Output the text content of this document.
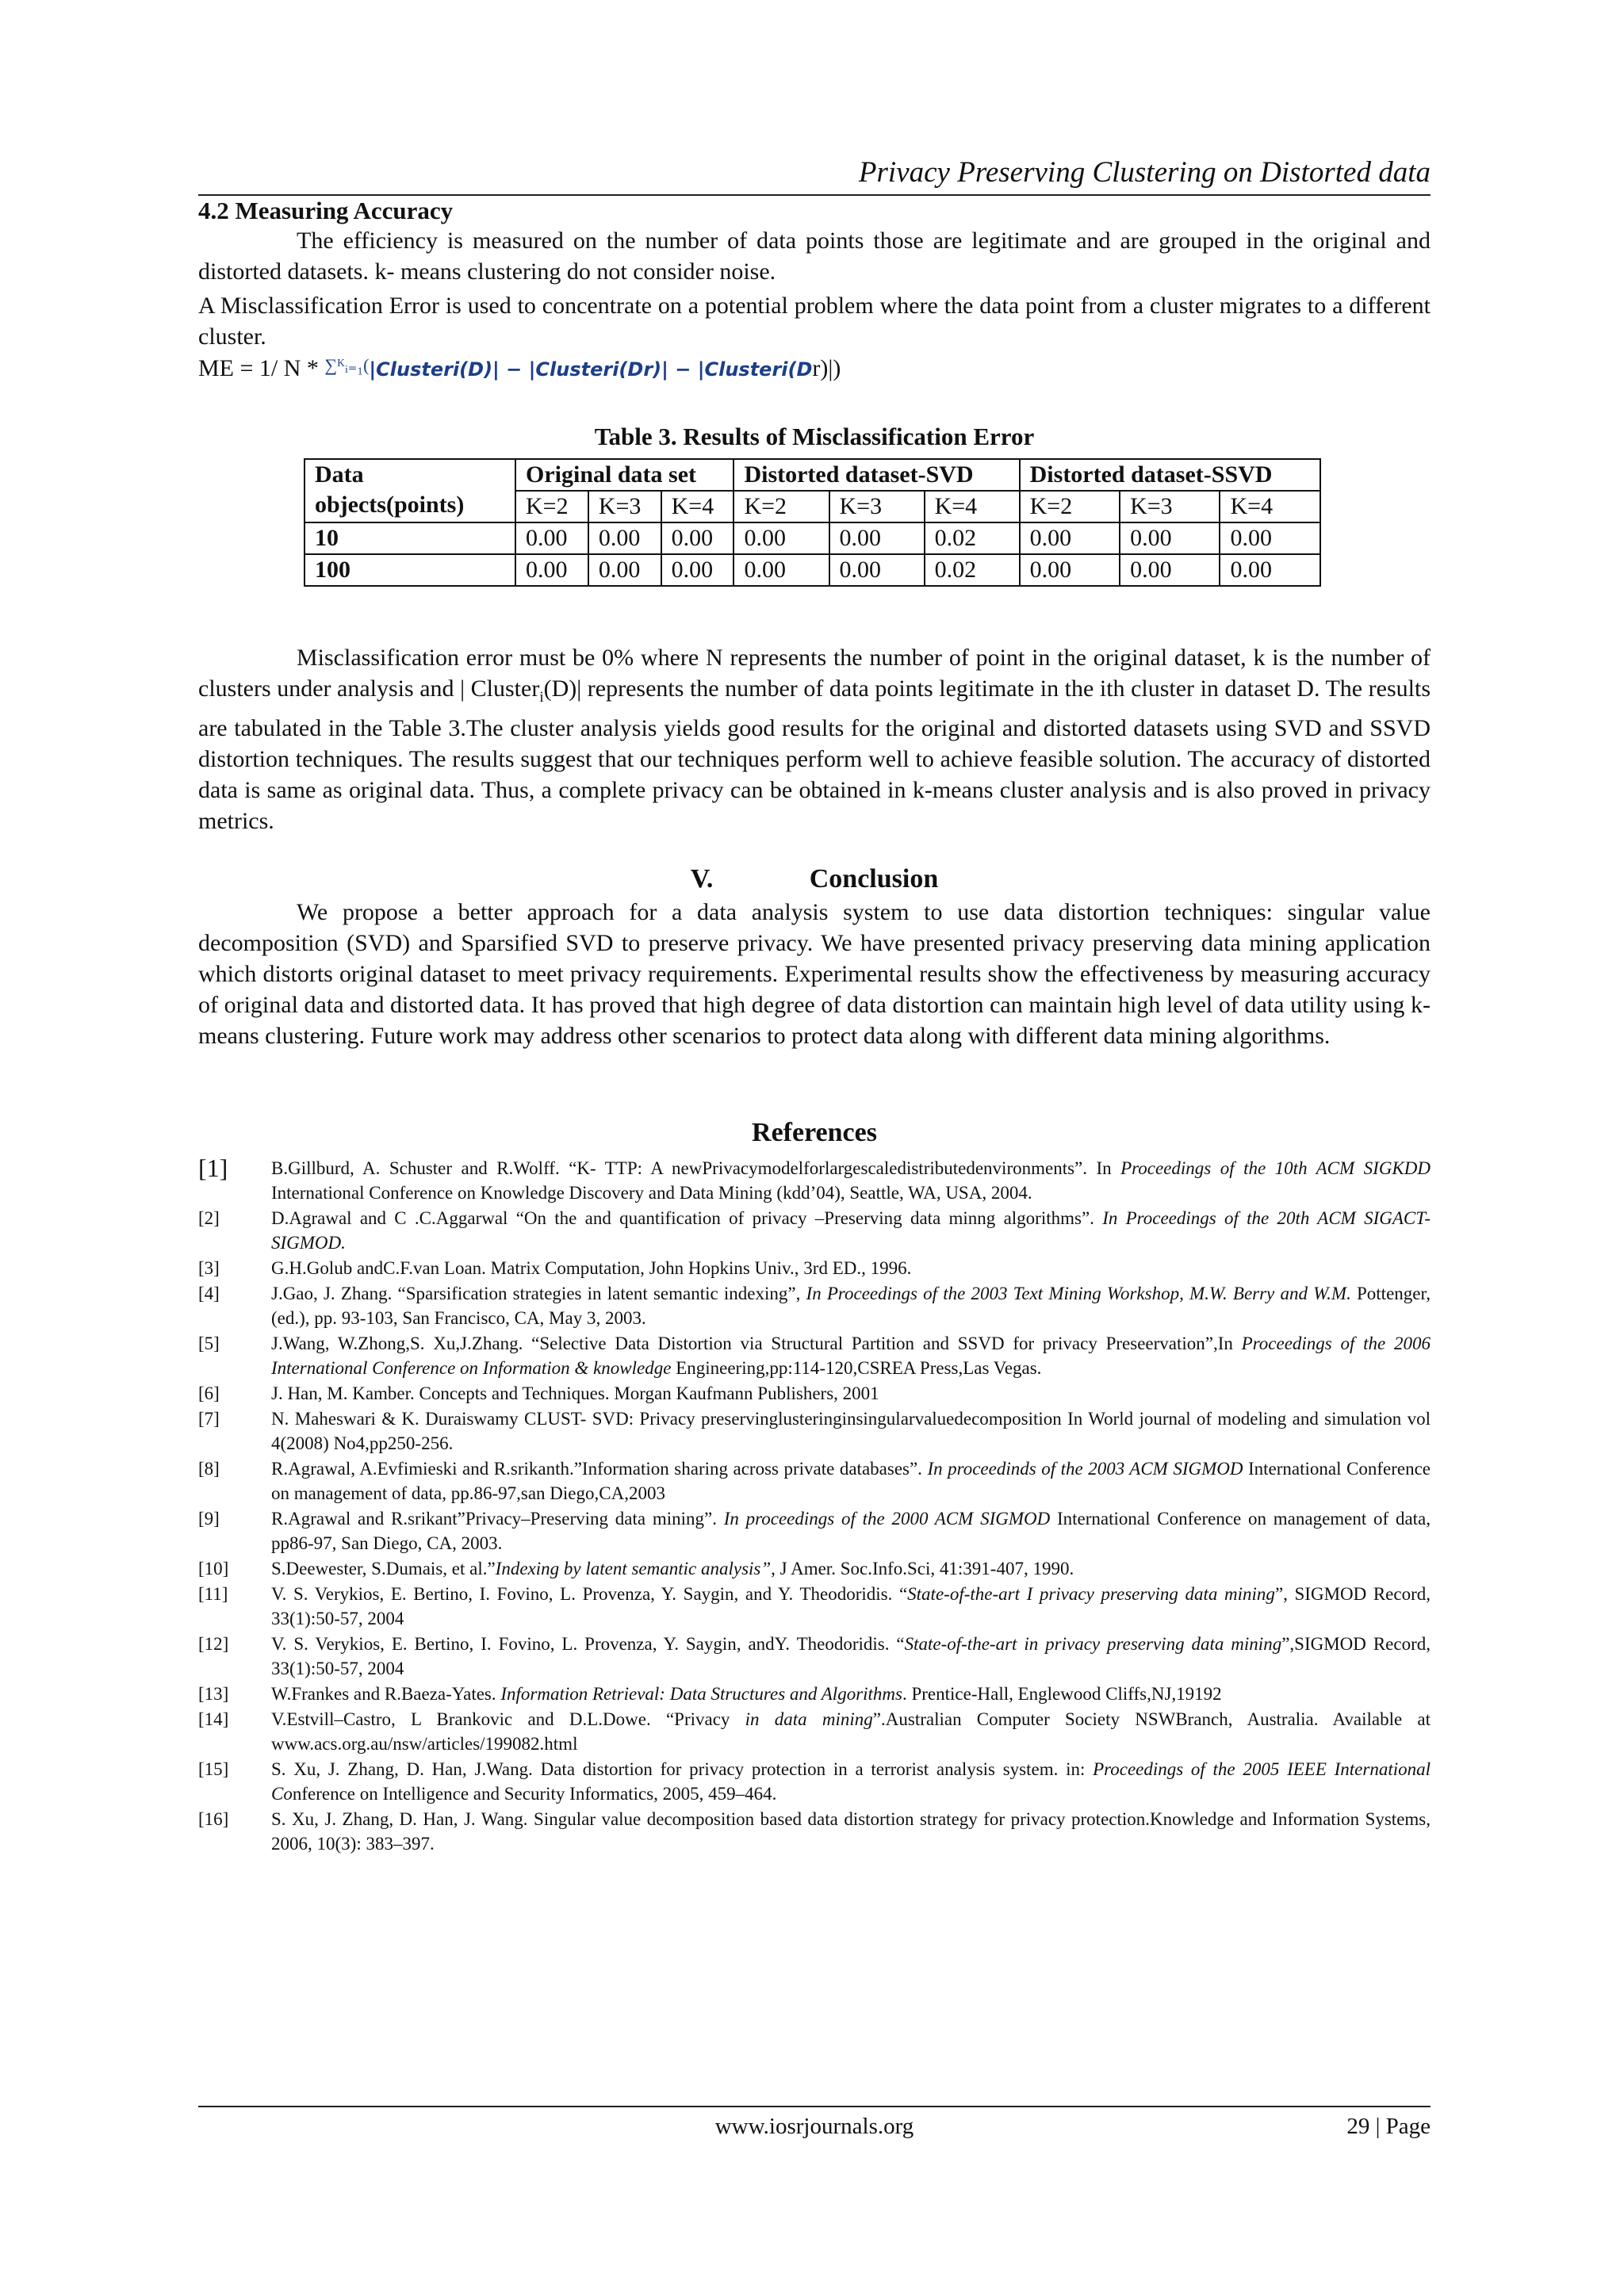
Privacy Preserving Clustering on Distorted data
4.2 Measuring Accuracy
The efficiency is measured on the number of data points those are legitimate and are grouped in the original and distorted datasets. k- means clustering do not consider noise.
A Misclassification Error is used to concentrate on a potential problem where the data point from a cluster migrates to a different cluster.
ME = 1/ N * $^{\sum ᴷᵢ_{=1}(}$|Clusteri(D)| − |Clusteri(Dr)| − |Clusteri(Dr)|)
Table 3. Results of Misclassification Error
Data objects(points)	Original data set			Distorted dataset-SVD			Distorted dataset-SSVD		
	K=2	K=3	K=4	K=2	K=3	K=4	K=2	K=3	K=4
10	0.00	0.00	0.00	0.00	0.00	0.02	0.00	0.00	0.00
100	0.00	0.00	0.00	0.00	0.00	0.02	0.00	0.00	0.00
Misclassification error must be 0% where N represents the number of point in the original dataset, k is the number of clusters under analysis and | Cluster$_i$(D)| represents the number of data points legitimate in the ith cluster in dataset D. The results are tabulated in the Table 3.The cluster analysis yields good results for the original and distorted datasets using SVD and SSVD distortion techniques. The results suggest that our techniques perform well to achieve feasible solution. The accuracy of distorted data is same as original data. Thus, a complete privacy can be obtained in k-means cluster analysis and is also proved in privacy metrics.
V.	Conclusion
We propose a better approach for a data analysis system to use data distortion techniques: singular value decomposition (SVD) and Sparsified SVD to preserve privacy. We have presented privacy preserving data mining application which distorts original dataset to meet privacy requirements. Experimental results show the effectiveness by measuring accuracy of original data and distorted data. It has proved that high degree of data distortion can maintain high level of data utility using k-means clustering. Future work may address other scenarios to protect data along with different data mining algorithms.
References
[1]	B.Gillburd, A. Schuster and R.Wolff. “K- TTP: A newPrivacymodelforlargescaledistributedenvironments”. In Proceedings of the 10th ACM SIGKDD International Conference on Knowledge Discovery and Data Mining (kdd’04), Seattle, WA, USA, 2004.
[2]	D.Agrawal and C .C.Aggarwal “On the and quantification of privacy –Preserving data minng algorithms”. In Proceedings of the 20th ACM SIGACT-SIGMOD.
[3]	G.H.Golub andC.F.van Loan. Matrix Computation, John Hopkins Univ., 3rd ED., 1996.
[4]	J.Gao, J. Zhang. “Sparsification strategies in latent semantic indexing”, In Proceedings of the 2003 Text Mining Workshop, M.W. Berry and W.M. Pottenger, (ed.), pp. 93-103, San Francisco, CA, May 3, 2003.
[5]	J.Wang, W.Zhong,S. Xu,J.Zhang. “Selective Data Distortion via Structural Partition and SSVD for privacy Preseervation”,In Proceedings of the 2006 International Conference on Information & knowledge Engineering,pp:114-120,CSREA Press,Las Vegas.
[6]	J. Han, M. Kamber. Concepts and Techniques. Morgan Kaufmann Publishers, 2001
[7]	N. Maheswari & K. Duraiswamy CLUST- SVD: Privacy preservinglusteringinsingularvaluedecomposition In World journal of modeling and simulation vol 4(2008) No4,pp250-256.
[8]	R.Agrawal, A.Evfimieski and R.srikanth.”Information sharing across private databases”. In proceedinds of the 2003 ACM SIGMOD International Conference on management of data, pp.86-97,san Diego,CA,2003
[9]	R.Agrawal and R.srikant”Privacy–Preserving data mining”. In proceedings of the 2000 ACM SIGMOD International Conference on management of data, pp86-97, San Diego, CA, 2003.
[10]	S.Deewester, S.Dumais, et al.”Indexing by latent semantic analysis”, J Amer. Soc.Info.Sci, 41:391-407, 1990.
[11]	V. S. Verykios, E. Bertino, I. Fovino, L. Provenza, Y. Saygin, and Y. Theodoridis. “State-of-the-art I privacy preserving data mining”, SIGMOD Record, 33(1):50-57, 2004
[12]	V. S. Verykios, E. Bertino, I. Fovino, L. Provenza, Y. Saygin, andY. Theodoridis. “State-of-the-art in privacy preserving data mining”,SIGMOD Record, 33(1):50-57, 2004
[13]	W.Frankes and R.Baeza-Yates. Information Retrieval: Data Structures and Algorithms. Prentice-Hall, Englewood Cliffs,NJ,19192
[14]	V.Estvill–Castro, L Brankovic and D.L.Dowe. “Privacy in data mining”.Australian Computer Society NSWBranch, Australia. Available at www.acs.org.au/nsw/articles/199082.html
[15]	S. Xu, J. Zhang, D. Han, J.Wang. Data distortion for privacy protection in a terrorist analysis system. in: Proceedings of the 2005 IEEE International Conference on Intelligence and Security Informatics, 2005, 459–464.
[16]	S. Xu, J. Zhang, D. Han, J. Wang. Singular value decomposition based data distortion strategy for privacy protection.Knowledge and Information Systems, 2006, 10(3): 383–397.
www.iosrjournals.org	29 | Page
